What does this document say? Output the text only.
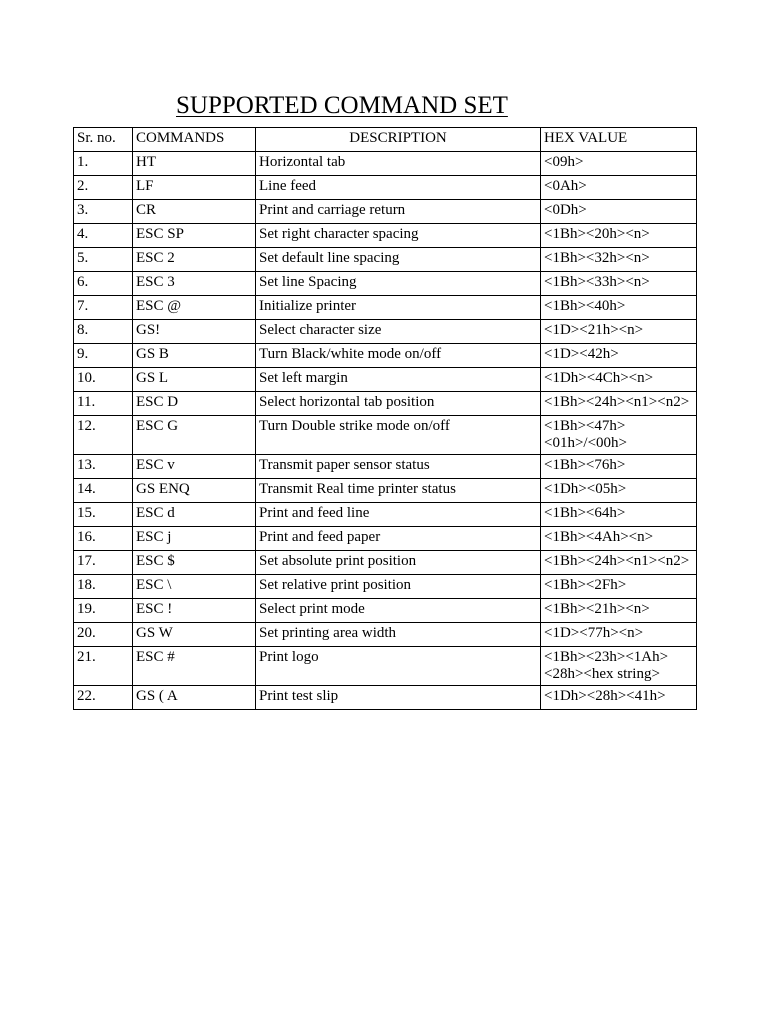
SUPPORTED COMMAND SET
Sr. no.	COMMANDS	DESCRIPTION	HEX VALUE
1.	HT	Horizontal tab	<09h>
2.	LF	Line feed	<0Ah>
3.	CR	Print and carriage return	<0Dh>
4.	ESC SP	Set right character spacing	<1Bh><20h><n>
5.	ESC 2	Set default line spacing	<1Bh><32h><n>
6.	ESC 3	Set line Spacing	<1Bh><33h><n>
7.	ESC @	Initialize printer	<1Bh><40h>
8.	GS!	Select character size	<1D><21h><n>
9.	GS B	Turn Black/white mode on/off	<1D><42h>
10.	GS L	Set left margin	<1Dh><4Ch><n>
11.	ESC D	Select horizontal tab position	<1Bh><24h><n1><n2>
12.	ESC G	Turn Double strike mode on/off	<1Bh><47h><01h>/<00h>
13.	ESC v	Transmit paper sensor status	<1Bh><76h>
14.	GS ENQ	Transmit Real time printer status	<1Dh><05h>
15.	ESC d	Print and feed line	<1Bh><64h>
16.	ESC j	Print and feed paper	<1Bh><4Ah><n>
17.	ESC $	Set absolute print position	<1Bh><24h><n1><n2>
18.	ESC \	Set relative print position	<1Bh><2Fh>
19.	ESC !	Select print mode	<1Bh><21h><n>
20.	GS W	Set printing area width	<1D><77h><n>
21.	ESC #	Print logo	<1Bh><23h><1Ah><28h><hex string>
22.	GS ( A	Print test slip	<1Dh><28h><41h>
